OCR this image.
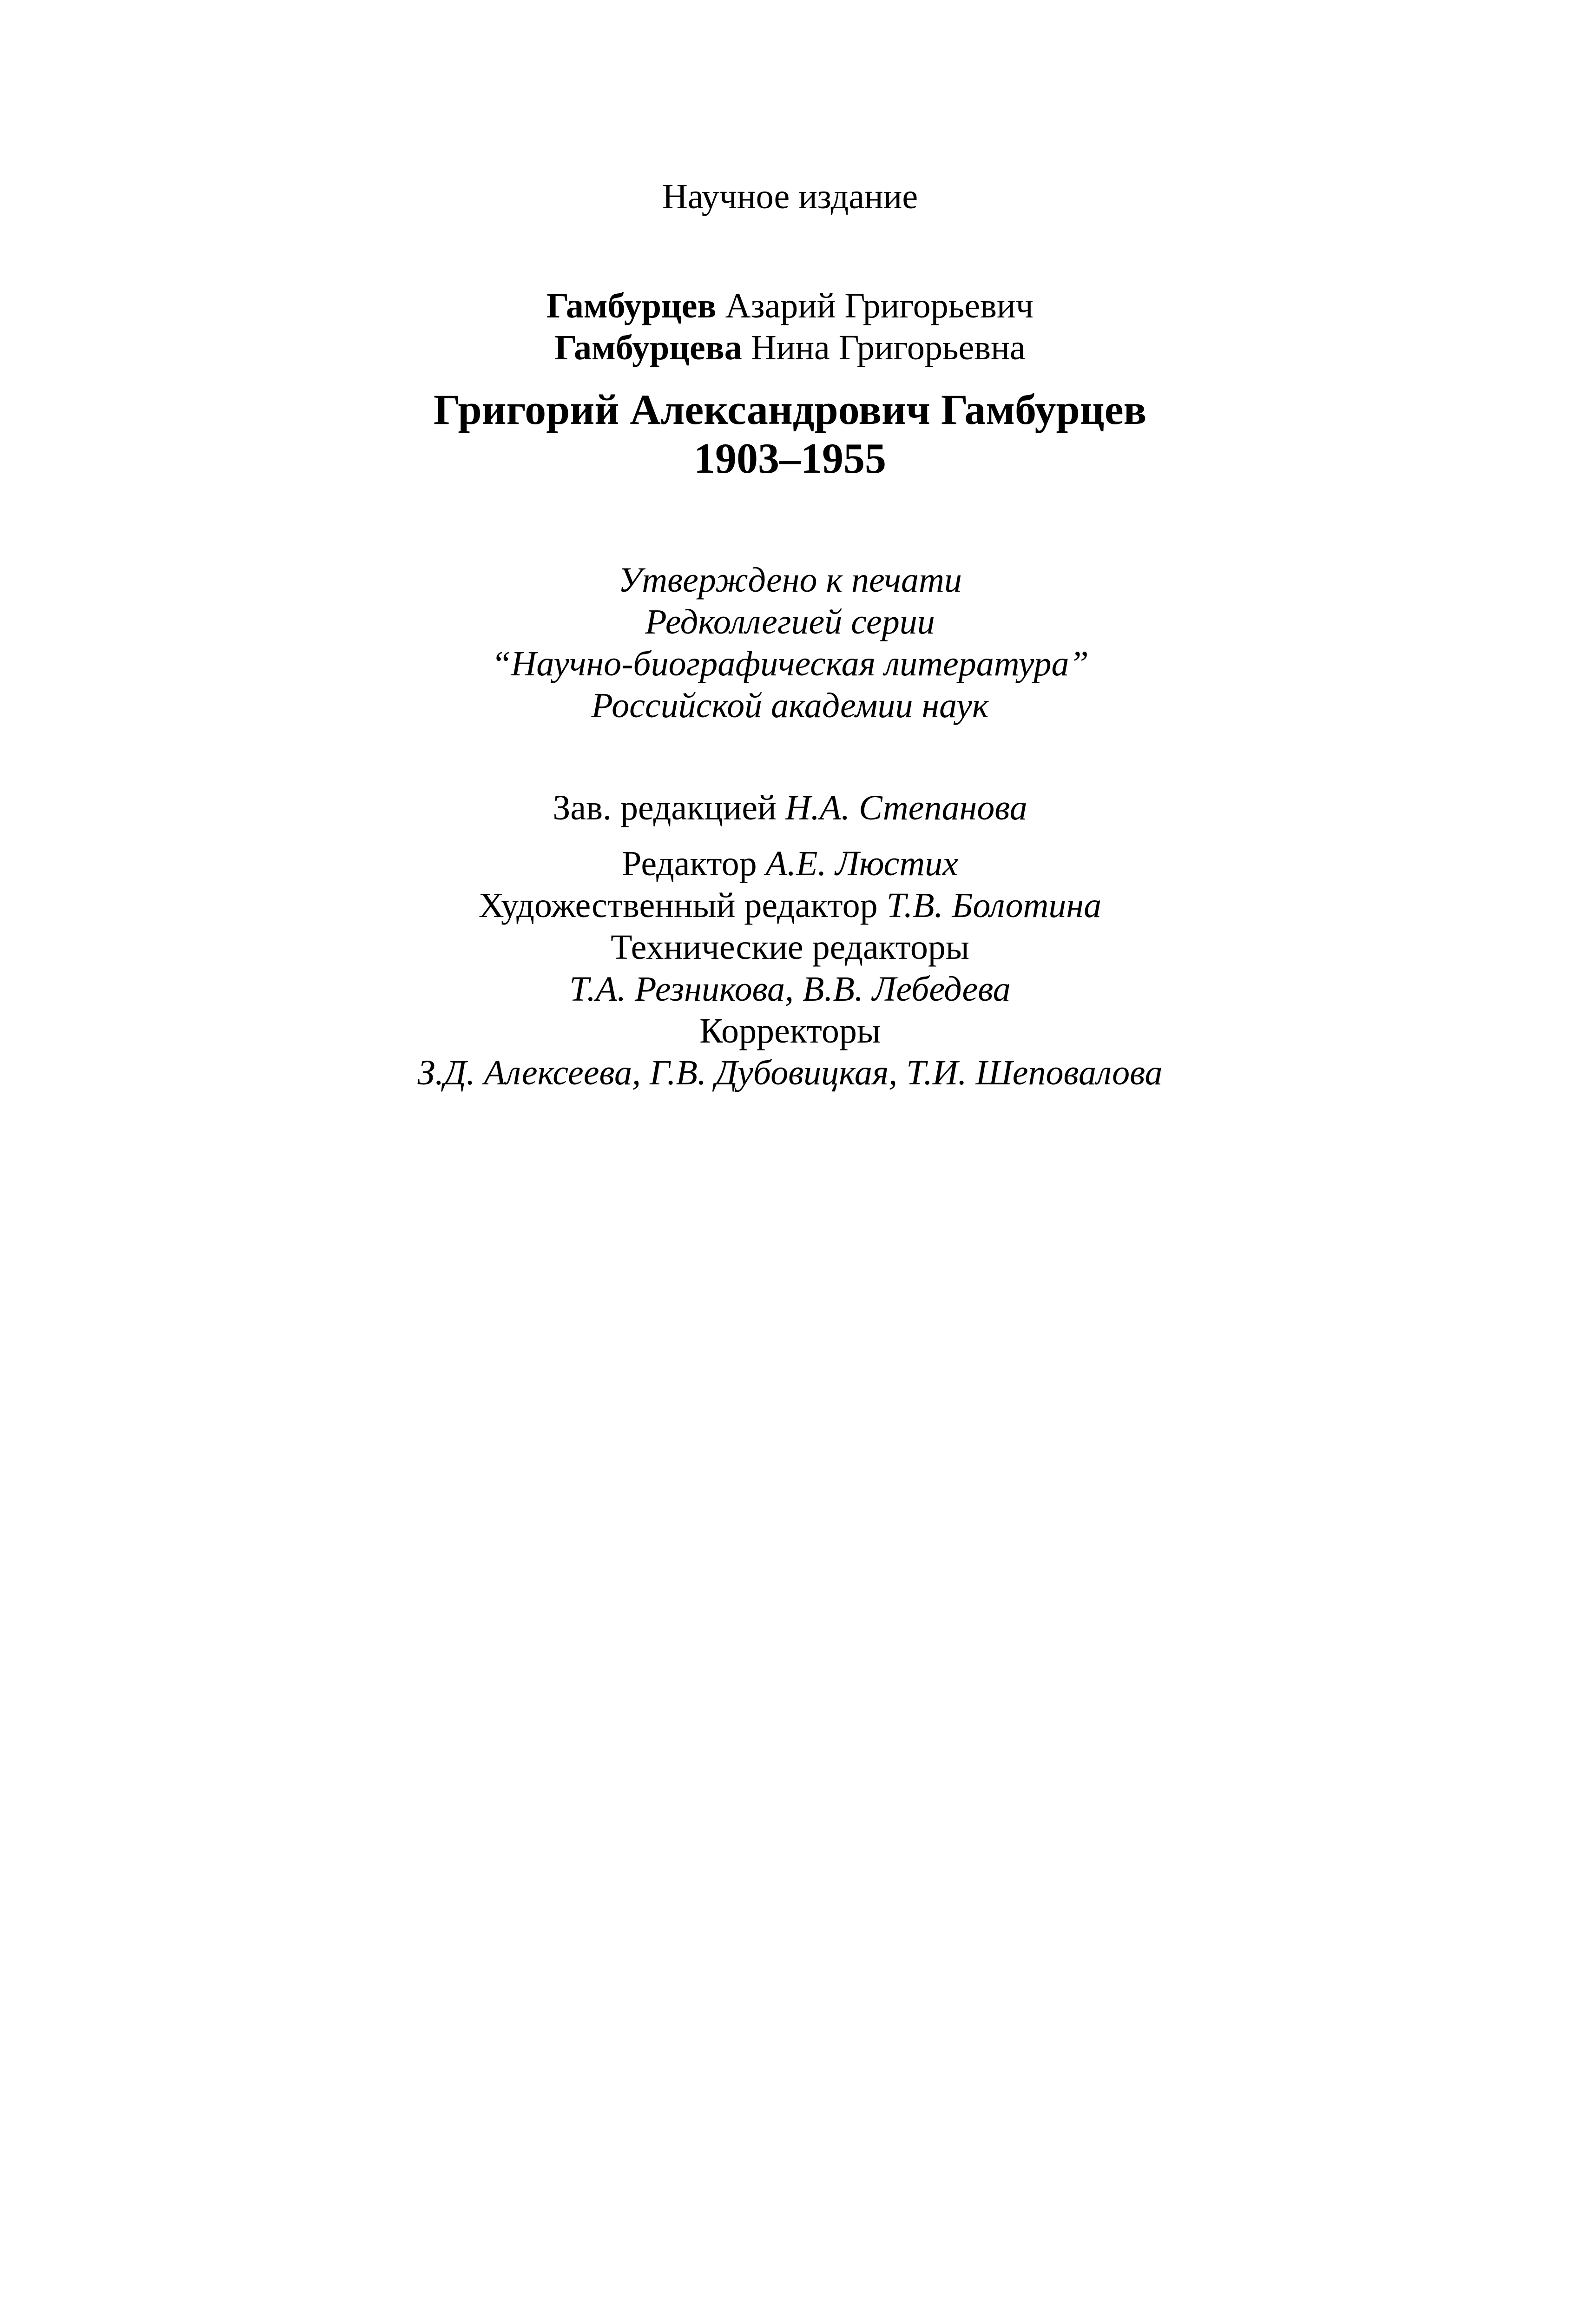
Научное издание
Гамбурцев Азарий Григорьевич
Гамбурцева Нина Григорьевна
Григорий Александрович Гамбурцев
1903–1955
Утверждено к печати
Редколлегией серии
“Научно-биографическая литература”
Российской академии наук
Зав. редакцией Н.А. Степанова
Редактор А.Е. Люстих
Художественный редактор Т.В. Болотина
Технические редакторы
Т.А. Резникова, В.В. Лебедева
Корректоры
З.Д. Алексеева, Г.В. Дубовицкая, Т.И. Шеповалова
